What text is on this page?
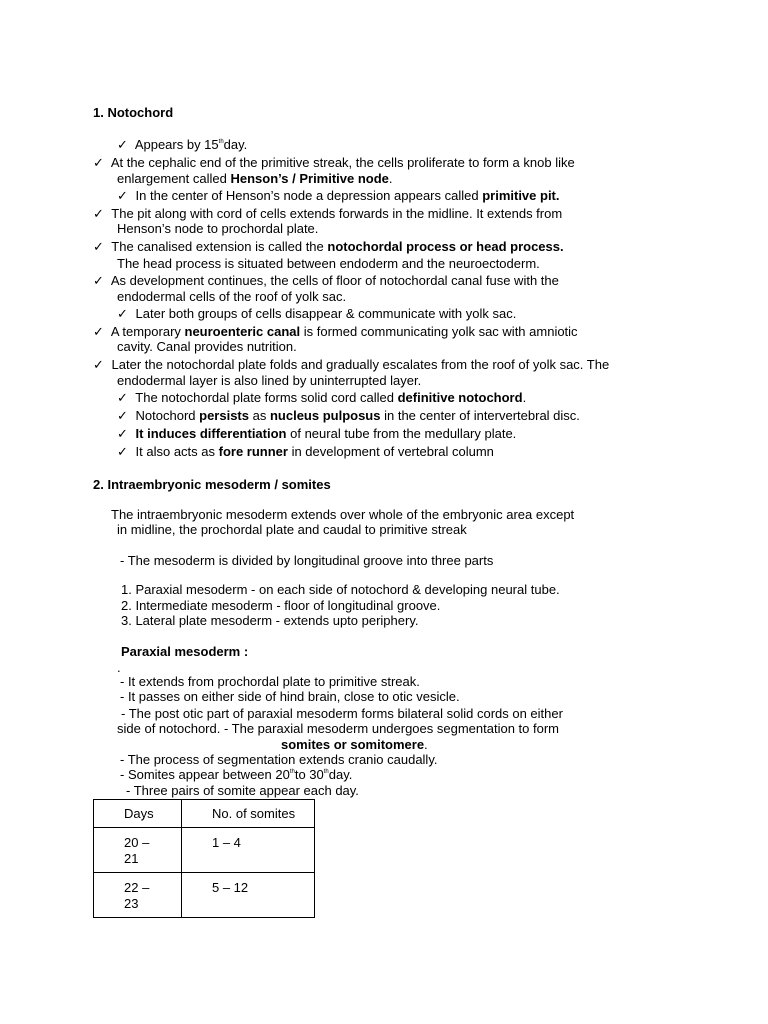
1. Notochord
✓ Appears by 15thday.
✓ At the cephalic end of the primitive streak, the cells proliferate to form a knob like
enlargement called Henson’s / Primitive node.
✓ In the center of Henson’s node a depression appears called primitive pit.
✓ The pit along with cord of cells extends forwards in the midline. It extends from
Henson’s node to prochordal plate.
✓ The canalised extension is called the notochordal process or head process.
The head process is situated between endoderm and the neuroectoderm.
✓ As development continues, the cells of floor of notochordal canal fuse with the
endodermal cells of the roof of yolk sac.
✓ Later both groups of cells disappear & communicate with yolk sac.
✓ A temporary neuroenteric canal is formed communicating yolk sac with amniotic
cavity. Canal provides nutrition.
✓ Later the notochordal plate folds and gradually escalates from the roof of yolk sac. The
endodermal layer is also lined by uninterrupted layer.
✓ The notochordal plate forms solid cord called definitive notochord.
✓ Notochord persists as nucleus pulposus in the center of intervertebral disc.
✓ It induces differentiation of neural tube from the medullary plate.
✓ It also acts as fore runner in development of vertebral column
2. Intraembryonic mesoderm / somites
The intraembryonic mesoderm extends over whole of the embryonic area except
in midline, the prochordal plate and caudal to primitive streak
- The mesoderm is divided by longitudinal groove into three parts
1. Paraxial mesoderm - on each side of notochord & developing neural tube.
2. Intermediate mesoderm - floor of longitudinal groove.
3. Lateral plate mesoderm - extends upto periphery.
Paraxial mesoderm :
.
- It extends from prochordal plate to primitive streak.
- It passes on either side of hind brain, close to otic vesicle.
- The post otic part of paraxial mesoderm forms bilateral solid cords on either
side of notochord. - The paraxial mesoderm undergoes segmentation to form
somites or somitomere.
- The process of segmentation extends cranio caudally.
- Somites appear between 20thto 30thday.
- Three pairs of somite appear each day.
Days	No. of somites

20 –
21	1 – 4

22 –
23	5 – 12
